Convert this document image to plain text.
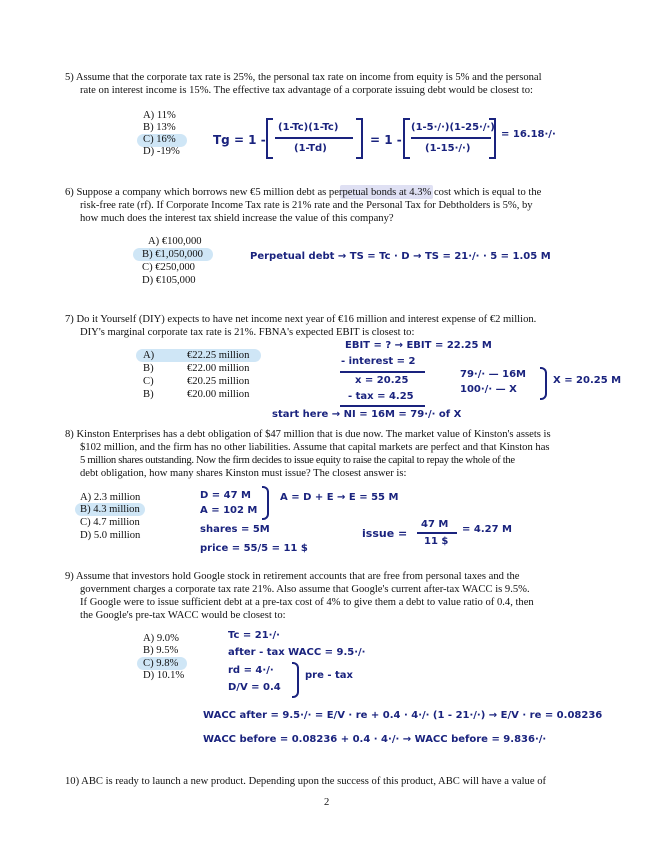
5) Assume that the corporate tax rate is 25%, the personal tax rate on income from equity is 5% and the personal
rate on interest income is 15%. The effective tax advantage of a corporate issuing debt would be closest to:
A) 11%
B) 13%
C) 16%
D) -19%
Tg = 1 -
(1-Tc)(1-Tc)
(1-Td)
= 1 -
(1-5·/·)(1-25·/·)
(1-15·/·)
= 16.18·/·
6) Suppose a company which borrows new €5 million debt as perpetual bonds at 4.3% cost which is equal to the
risk-free rate (rf). If Corporate Income Tax rate is 21% rate and the Personal Tax for Debtholders is 5%, by
how much does the interest tax shield increase the value of this company?
A) €100,000
B) €1,050,000
C) €250,000
D) €105,000
Perpetual debt → TS = Tc · D → TS = 21·/· · 5 = 1.05 M
7) Do it Yourself (DIY) expects to have net income next year of €16 million and interest expense of €2 million.
DIY's marginal corporate tax rate is 21%. FBNA's expected EBIT is closest to:
A)	€22.25 million
B)	€22.00 million
C)	€20.25 million
B)	€20.00 million
EBIT = ? → EBIT = 22.25 M
- interest = 2
x = 20.25
- tax = 4.25
start here → NI = 16M = 79·/· of X
79·/· — 16M
100·/· — X
X = 20.25 M
8) Kinston Enterprises has a debt obligation of $47 million that is due now. The market value of Kinston's assets is
$102 million, and the firm has no other liabilities. Assume that capital markets are perfect and that Kinston has
5 million shares outstanding. Now the firm decides to issue equity to raise the capital to repay the whole of the
debt obligation, how many shares Kinston must issue? The closest answer is:
A) 2.3 million
B) 4.3 million
C) 4.7 million
D) 5.0 million
D = 47 M
A = 102 M
A = D + E → E = 55 M
shares = 5M
price = 55/5 = 11 $
issue =
47 M
11 $
= 4.27 M
9) Assume that investors hold Google stock in retirement accounts that are free from personal taxes and the
government charges a corporate tax rate 21%. Also assume that Google's current after-tax WACC is 9.5%.
If Google were to issue sufficient debt at a pre-tax cost of 4% to give them a debt to value ratio of 0.4, then
the Google's pre-tax WACC would be closest to:
A) 9.0%
B) 9.5%
C) 9.8%
D) 10.1%
Tc = 21·/·
after - tax WACC = 9.5·/·
rd = 4·/·
D/V = 0.4
pre - tax
WACC after = 9.5·/· = E/V · re + 0.4 · 4·/· (1 - 21·/·) → E/V · re = 0.08236
WACC before = 0.08236 + 0.4 · 4·/· → WACC before = 9.836·/·
10) ABC is ready to launch a new product. Depending upon the success of this product, ABC will have a value of
2
